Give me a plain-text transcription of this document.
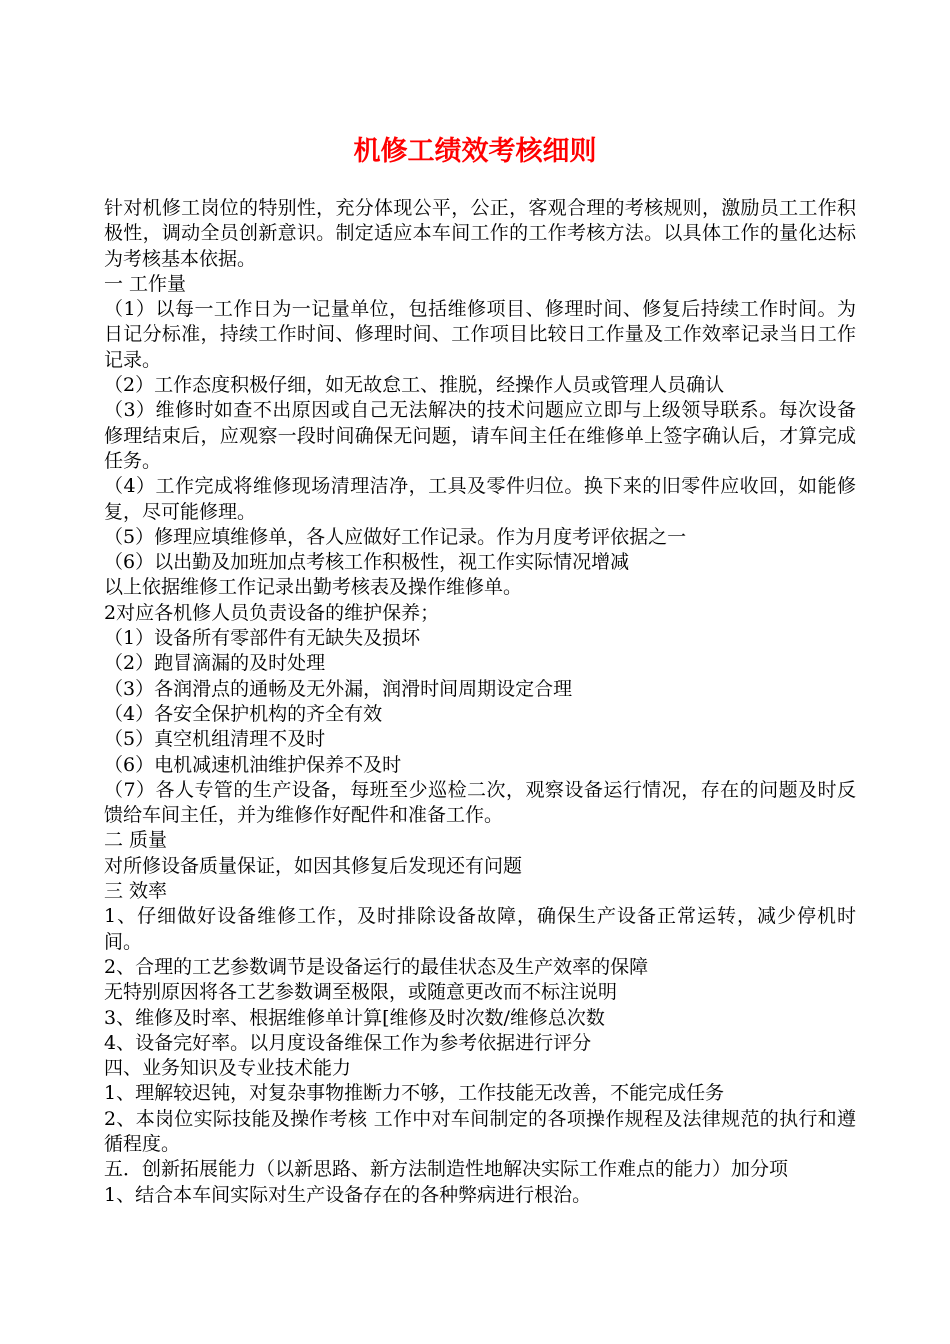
机修工绩效考核细则

针对机修工岗位的特别性，充分体现公平，公正，客观合理的考核规则，激励员工工作积极性，调动全员创新意识。制定适应本车间工作的工作考核方法。以具体工作的量化达标为考核基本依据。

一 工作量

（1）以每一工作日为一记量单位，包括维修项目、修理时间、修复后持续工作时间。为日记分标准，持续工作时间、修理时间、工作项目比较日工作量及工作效率记录当日工作记录。

（2）工作态度积极仔细，如无故怠工、推脱，经操作人员或管理人员确认

（3）维修时如查不出原因或自己无法解决的技术问题应立即与上级领导联系。每次设备修理结束后，应观察一段时间确保无问题，请车间主任在维修单上签字确认后，才算完成任务。

（4）工作完成将维修现场清理洁净，工具及零件归位。换下来的旧零件应收回，如能修复，尽可能修理。

（5）修理应填维修单，各人应做好工作记录。作为月度考评依据之一

（6）以出勤及加班加点考核工作积极性，视工作实际情况增减

以上依据维修工作记录出勤考核表及操作维修单。

2对应各机修人员负责设备的维护保养；

（1）设备所有零部件有无缺失及损坏

（2）跑冒滴漏的及时处理

（3）各润滑点的通畅及无外漏，润滑时间周期设定合理

（4）各安全保护机构的齐全有效

（5）真空机组清理不及时

（6）电机减速机油维护保养不及时

（7）各人专管的生产设备，每班至少巡检二次，观察设备运行情况，存在的问题及时反馈给车间主任，并为维修作好配件和准备工作。

二 质量

对所修设备质量保证，如因其修复后发现还有问题

三 效率

1、仔细做好设备维修工作，及时排除设备故障，确保生产设备正常运转，减少停机时间。

2、合理的工艺参数调节是设备运行的最佳状态及生产效率的保障

无特别原因将各工艺参数调至极限，或随意更改而不标注说明

3、维修及时率、根据维修单计算[维修及时次数/维修总次数

4、设备完好率。以月度设备维保工作为参考依据进行评分

四、业务知识及专业技术能力

1、理解较迟钝，对复杂事物推断力不够，工作技能无改善，不能完成任务

2、本岗位实际技能及操作考核 工作中对车间制定的各项操作规程及法律规范的执行和遵循程度。

五．创新拓展能力（以新思路、新方法制造性地解决实际工作难点的能力）加分项

1、结合本车间实际对生产设备存在的各种弊病进行根治。
